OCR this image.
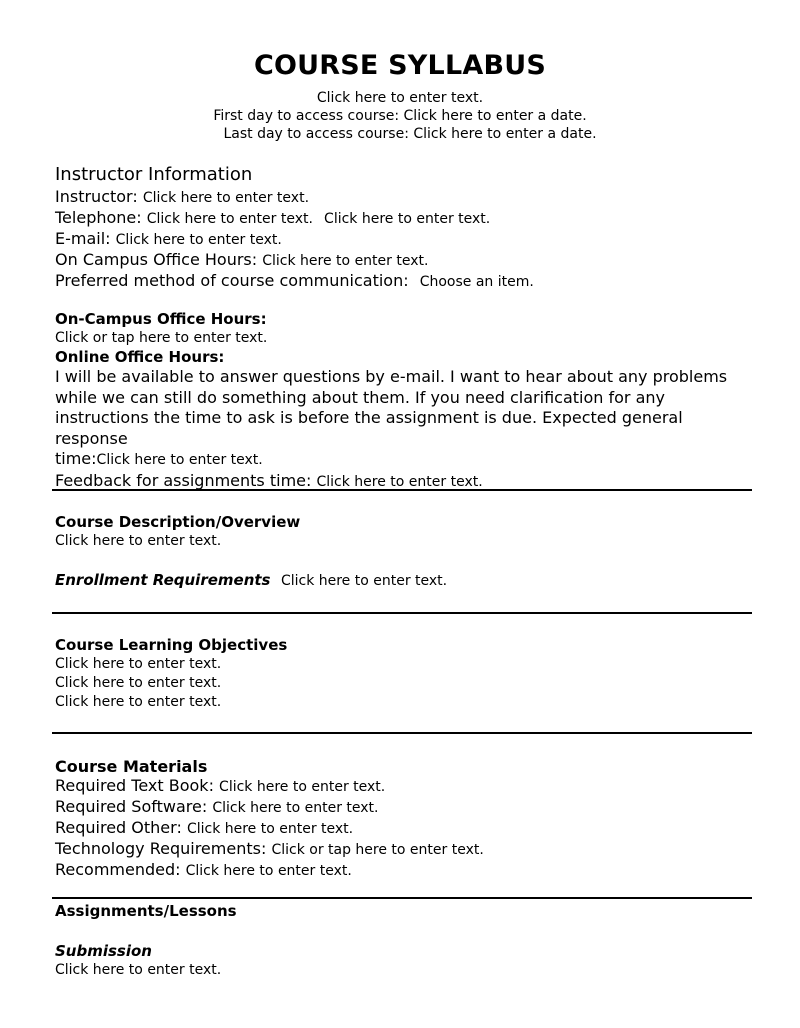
COURSE SYLLABUS
Click here to enter text.
First day to access course: Click here to enter a date.
Last day to access course: Click here to enter a date.
Instructor Information
Instructor: Click here to enter text.
Telephone: Click here to enter text. Click here to enter text.
E-mail: Click here to enter text.
On Campus Office Hours: Click here to enter text.
Preferred method of course communication: Choose an item.
On-Campus Office Hours:
Click or tap here to enter text.
Online Office Hours:
I will be available to answer questions by e-mail. I want to hear about any problems
while we can still do something about them. If you need clarification for any
instructions the time to ask is before the assignment is due. Expected general response
time:Click here to enter text.
Feedback for assignments time: Click here to enter text.
Course Description/Overview
Click here to enter text.
Enrollment Requirements Click here to enter text.
Course Learning Objectives
Click here to enter text.
Click here to enter text.
Click here to enter text.
Course Materials
Required Text Book: Click here to enter text.
Required Software: Click here to enter text.
Required Other: Click here to enter text.
Technology Requirements: Click or tap here to enter text.
Recommended: Click here to enter text.
Assignments/Lessons
Submission
Click here to enter text.
